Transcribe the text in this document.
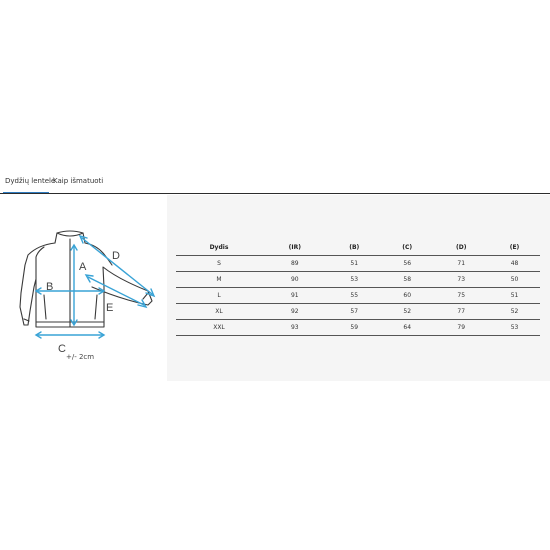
Dydžių lentelė
Kaip išmatuoti
A
B
C
D
E
+/- 2cm
Dydis	(IR)	(B)	(C)	(D)	(E)
S	89	51	56	71	48
M	90	53	58	73	50
L	91	55	60	75	51
XL	92	57	52	77	52
XXL	93	59	64	79	53
